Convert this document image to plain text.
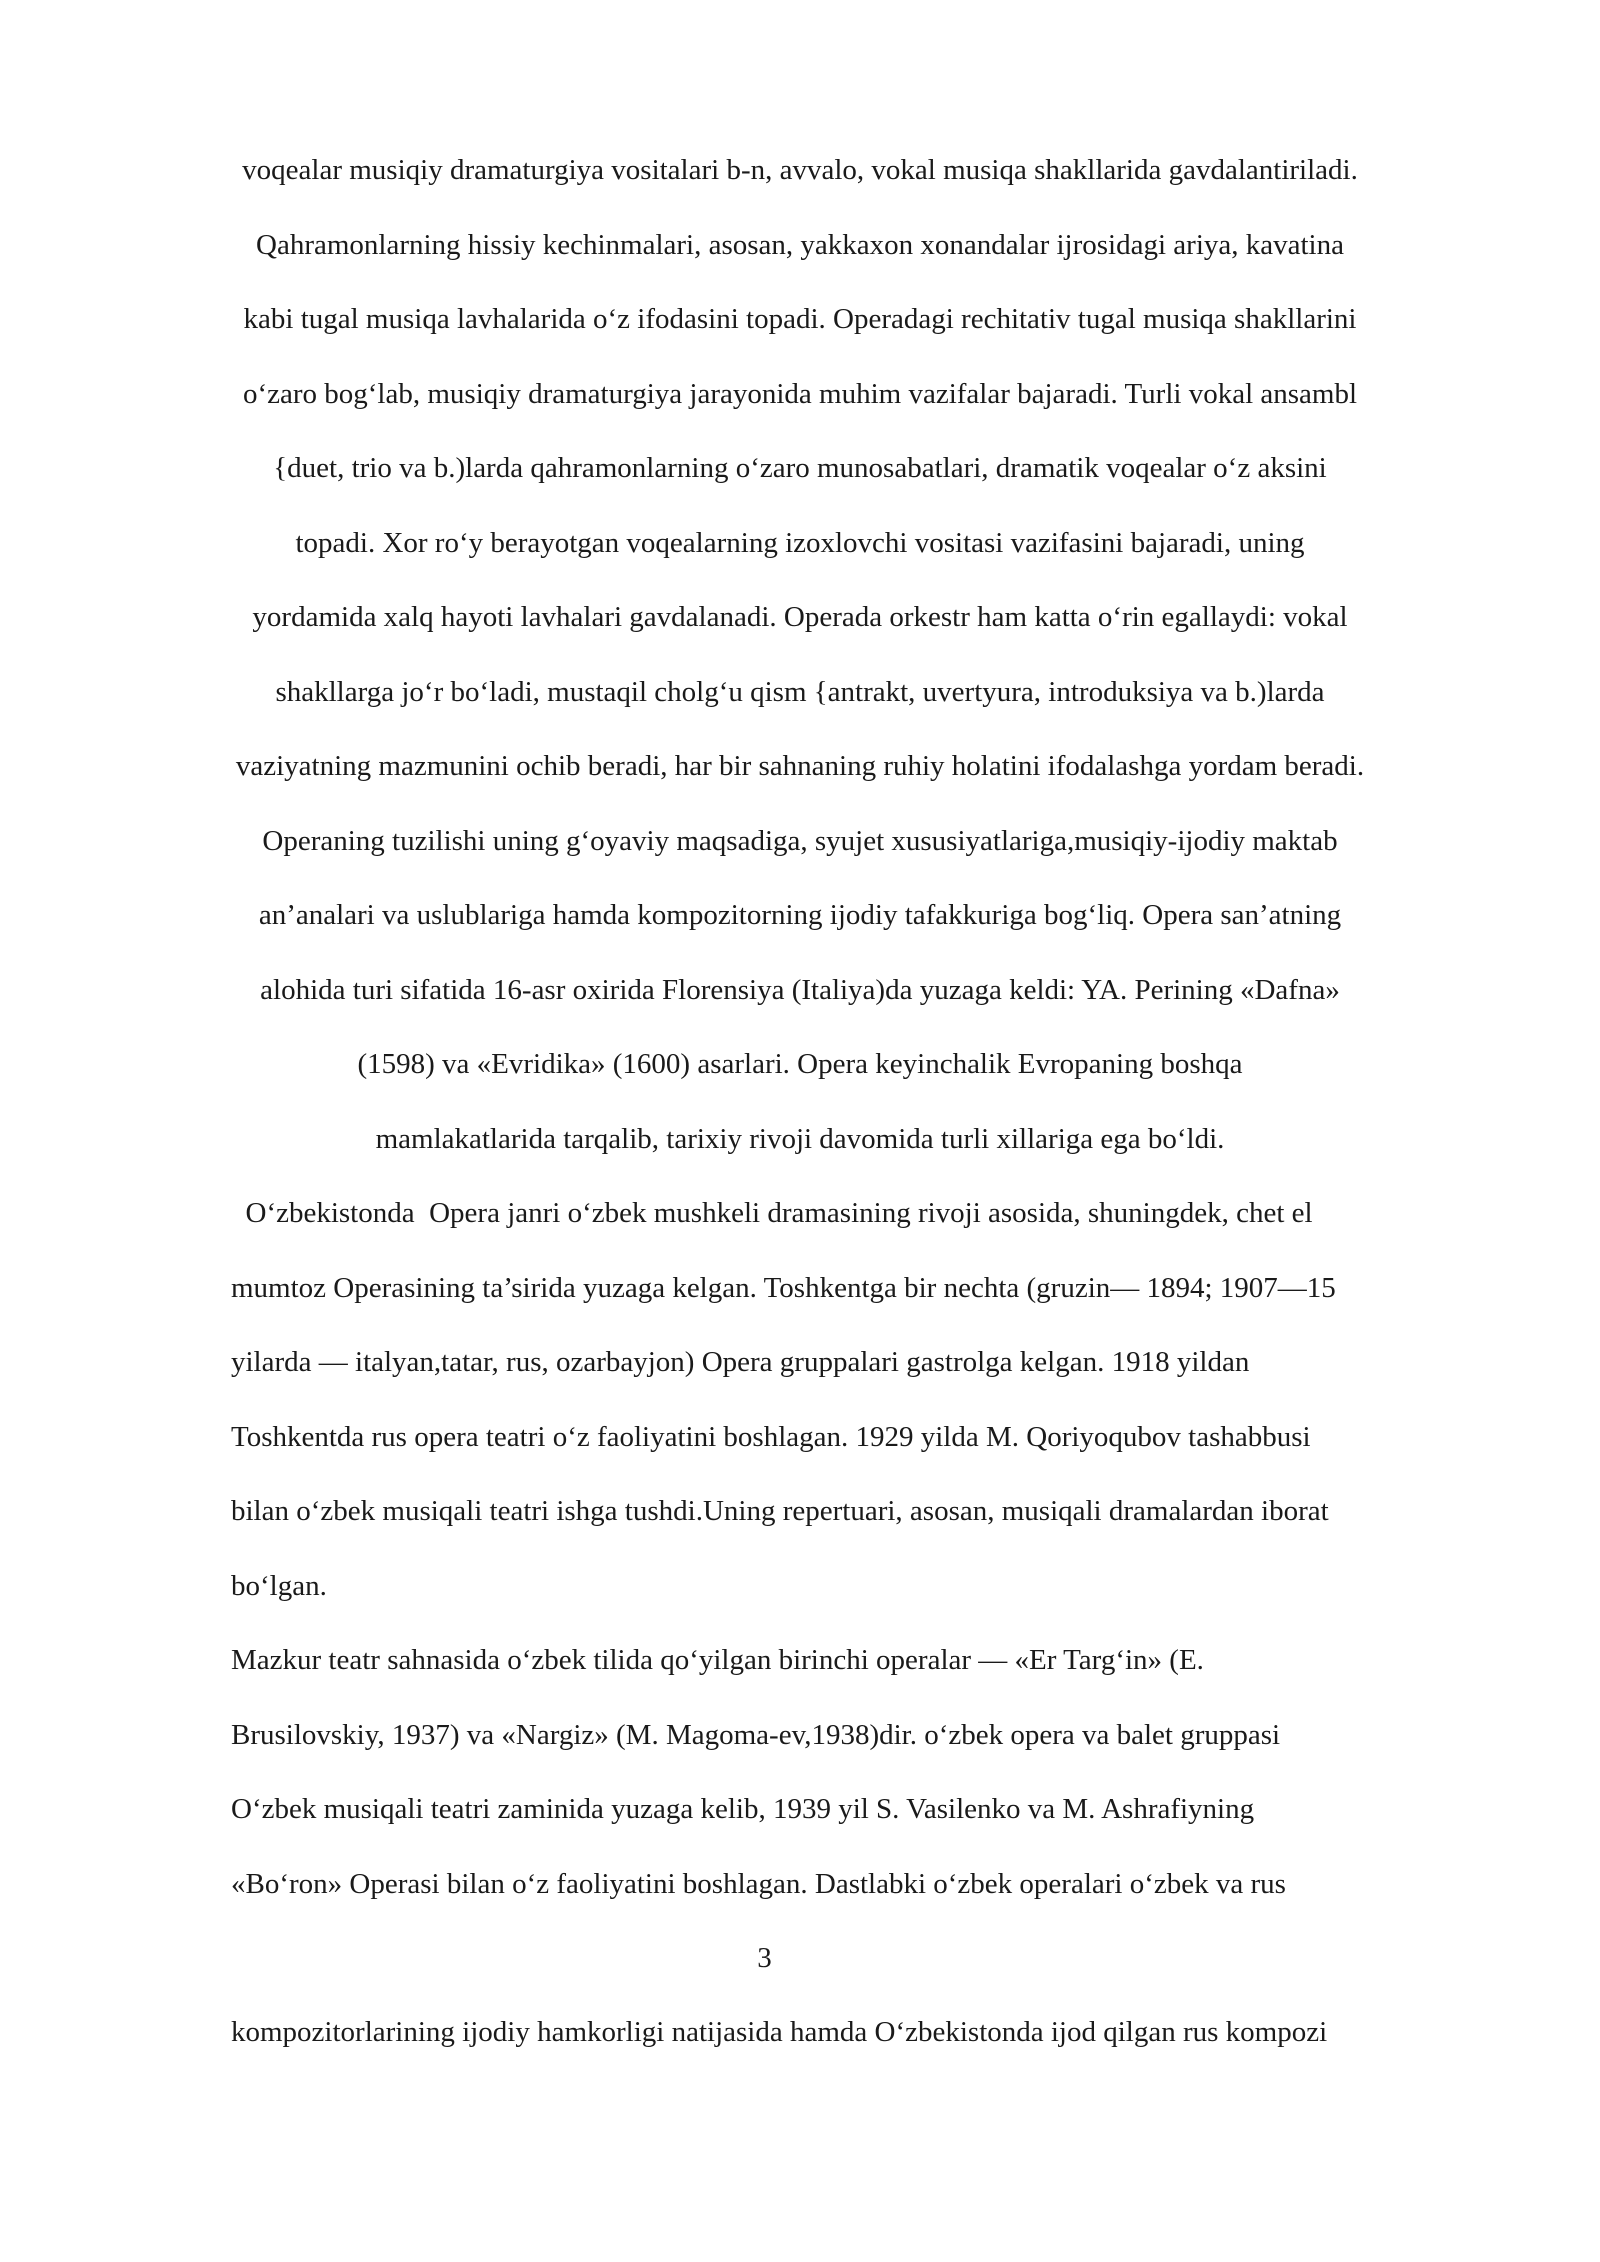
voqealar musiqiy dramaturgiya vositalari b-n, avvalo, vokal musiqa shakllarida gavdalantiriladi.

Qahramonlarning hissiy kechinmalari, asosan, yakkaxon xonandalar ijrosidagi ariya, kavatina

kabi tugal musiqa lavhalarida oʻz ifodasini topadi. Operadagi rechitativ tugal musiqa shakllarini

oʻzaro bogʻlab, musiqiy dramaturgiya jarayonida muhim vazifalar bajaradi. Turli vokal ansambl

{duet, trio va b.)larda qahramonlarning oʻzaro munosabatlari, dramatik voqealar oʻz aksini

topadi. Xor roʻy berayotgan voqealarning izoxlovchi vositasi vazifasini bajaradi, uning

yordamida xalq hayoti lavhalari gavdalanadi. Operada orkestr ham katta oʻrin egallaydi: vokal

shakllarga joʻr boʻladi, mustaqil cholgʻu qism {antrakt, uvertyura, introduksiya va b.)larda

vaziyatning mazmunini ochib beradi, har bir sahnaning ruhiy holatini ifodalashga yordam beradi.

Operaning tuzilishi uning gʻoyaviy maqsadiga, syujet xususiyatlariga,musiqiy-ijodiy maktab

an’analari va uslublariga hamda kompozitorning ijodiy tafakkuriga bogʻliq. Opera san’atning

alohida turi sifatida 16-asr oxirida Florensiya (Italiya)da yuzaga keldi: YA. Perining «Dafna»

(1598) va «Evridika» (1600) asarlari. Opera keyinchalik Evropaning boshqa

mamlakatlarida tarqalib, tarixiy rivoji davomida turli xillariga ega boʻldi.

Oʻzbekistonda  Opera janri oʻzbek mushkeli dramasining rivoji asosida, shuningdek, chet el

mumtoz Operasining ta’sirida yuzaga kelgan. Toshkentga bir nechta (gruzin— 1894; 1907—15

yilarda — italyan,tatar, rus, ozarbayjon) Opera gruppalari gastrolga kelgan. 1918 yildan

Toshkentda rus opera teatri oʻz faoliyatini boshlagan. 1929 yilda M. Qoriyoqubov tashabbusi

bilan oʻzbek musiqali teatri ishga tushdi.Uning repertuari, asosan, musiqali dramalardan iborat

boʻlgan.

Mazkur teatr sahnasida oʻzbek tilida qoʻyilgan birinchi operalar — «Er Targʻin» (E.

Brusilovskiy, 1937) va «Nargiz» (M. Magoma-ev,1938)dir. oʻzbek opera va balet gruppasi

Oʻzbek musiqali teatri zaminida yuzaga kelib, 1939 yil S. Vasilenko va M. Ashrafiyning

«Boʻron» Operasi bilan oʻz faoliyatini boshlagan. Dastlabki oʻzbek operalari oʻzbek va rus

3

kompozitorlarining ijodiy hamkorligi natijasida hamda Oʻzbekistonda ijod qilgan rus kompozi
